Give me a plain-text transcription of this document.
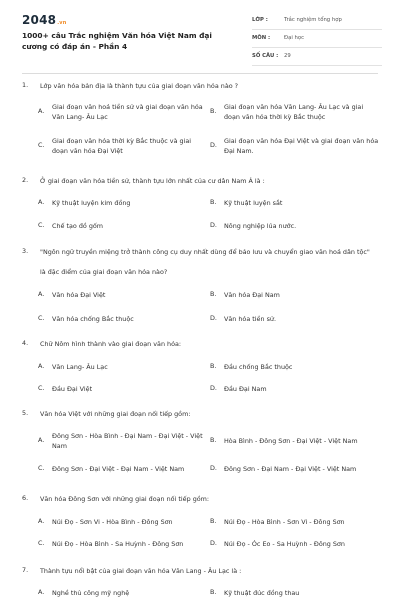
2048.vn
1000+ câu Trắc nghiệm Văn hóa Việt Nam đại cương có đáp án - Phần 4
LỚP :	Trắc nghiệm tổng hợp
MÔN :	Đại học
SỐ CÂU : 29
1. Lớp văn hóa bản địa là thành tựu của giai đoạn văn hóa nào ?
A. Giai đoạn văn hoá tiền sử và giai đoạn văn hóa Văn Lang- Âu Lạc
B. Giai đoạn văn hóa Văn Lang- Âu Lạc và giai đoạn văn hóa thời kỳ Bắc thuộc
C. Giai đoạn văn hóa thời kỳ Bắc thuộc và giai đoạn văn hóa Đại Việt
D. Giai đoạn văn hóa Đại Việt và giai đoạn văn hóa Đại Nam.
2. Ở giai đoạn văn hóa tiền sử, thành tựu lớn nhất của cư dân Nam Á là :
A. Kỹ thuật luyện kim đồng	B. Kỹ thuật luyện sắt
C. Chế tạo đồ gốm	D. Nông nghiệp lúa nước.
3. "Ngôn ngữ truyền miệng trở thành công cụ duy nhất dùng để bảo lưu và chuyển giao văn hoá dân tộc" là đặc điểm của giai đoạn văn hóa nào?
A. Văn hóa Đại Việt	B. Văn hóa Đại Nam
C. Văn hóa chống Bắc thuộc	D. Văn hóa tiền sử.
4. Chữ Nôm hình thành vào giai đoạn văn hóa:
A. Văn Lang- Âu Lạc	B. Đầu chống Bắc thuộc
C. Đầu Đại Việt	D. Đầu Đại Nam
5. Văn hóa Việt với những giai đoạn nối tiếp gồm:
A. Đông Sơn - Hòa Bình - Đại Nam - Đại Việt - Việt Nam
B. Hòa Bình - Đông Sơn - Đại Việt - Việt Nam
C. Đông Sơn - Đại Việt - Đại Nam - Việt Nam	D. Đông Sơn - Đại Nam - Đại Việt - Việt Nam
6. Văn hóa Đông Sơn với những giai đoạn nối tiếp gồm:
A. Núi Đọ - Sơn Vi - Hòa Bình - Đông Sơn	B. Núi Đọ - Hòa Bình - Sơn Vi - Đông Sơn
C. Núi Đọ - Hòa Bình - Sa Huỳnh - Đông Sơn	D. Núi Đọ - Óc Eo - Sa Huỳnh - Đông Sơn
7. Thành tựu nổi bật của giai đoạn văn hóa Văn Lang - Âu Lạc là :
A. Nghề thủ công mỹ nghệ	B. Kỹ thuật đúc đồng thau
